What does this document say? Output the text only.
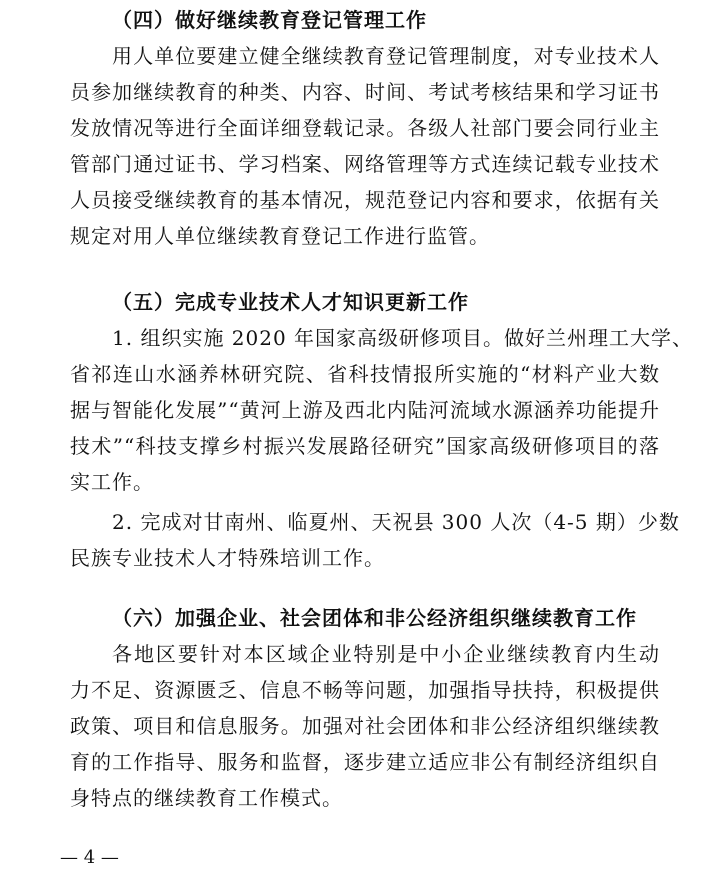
（四）做好继续教育登记管理工作
用人单位要建立健全继续教育登记管理制度，对专业技术人
员参加继续教育的种类、内容、时间、考试考核结果和学习证书
发放情况等进行全面详细登载记录。各级人社部门要会同行业主
管部门通过证书、学习档案、网络管理等方式连续记载专业技术
人员接受继续教育的基本情况，规范登记内容和要求，依据有关
规定对用人单位继续教育登记工作进行监管。
（五）完成专业技术人才知识更新工作
1. 组织实施 2020 年国家高级研修项目。做好兰州理工大学、
省祁连山水涵养林研究院、省科技情报所实施的“材料产业大数
据与智能化发展”“黄河上游及西北内陆河流域水源涵养功能提升
技术”“科技支撑乡村振兴发展路径研究”国家高级研修项目的落
实工作。
2. 完成对甘南州、临夏州、天祝县 300 人次（4-5 期）少数
民族专业技术人才特殊培训工作。
（六）加强企业、社会团体和非公经济组织继续教育工作
各地区要针对本区域企业特别是中小企业继续教育内生动
力不足、资源匮乏、信息不畅等问题，加强指导扶持，积极提供
政策、项目和信息服务。加强对社会团体和非公经济组织继续教
育的工作指导、服务和监督，逐步建立适应非公有制经济组织自
身特点的继续教育工作模式。
— 4 —
